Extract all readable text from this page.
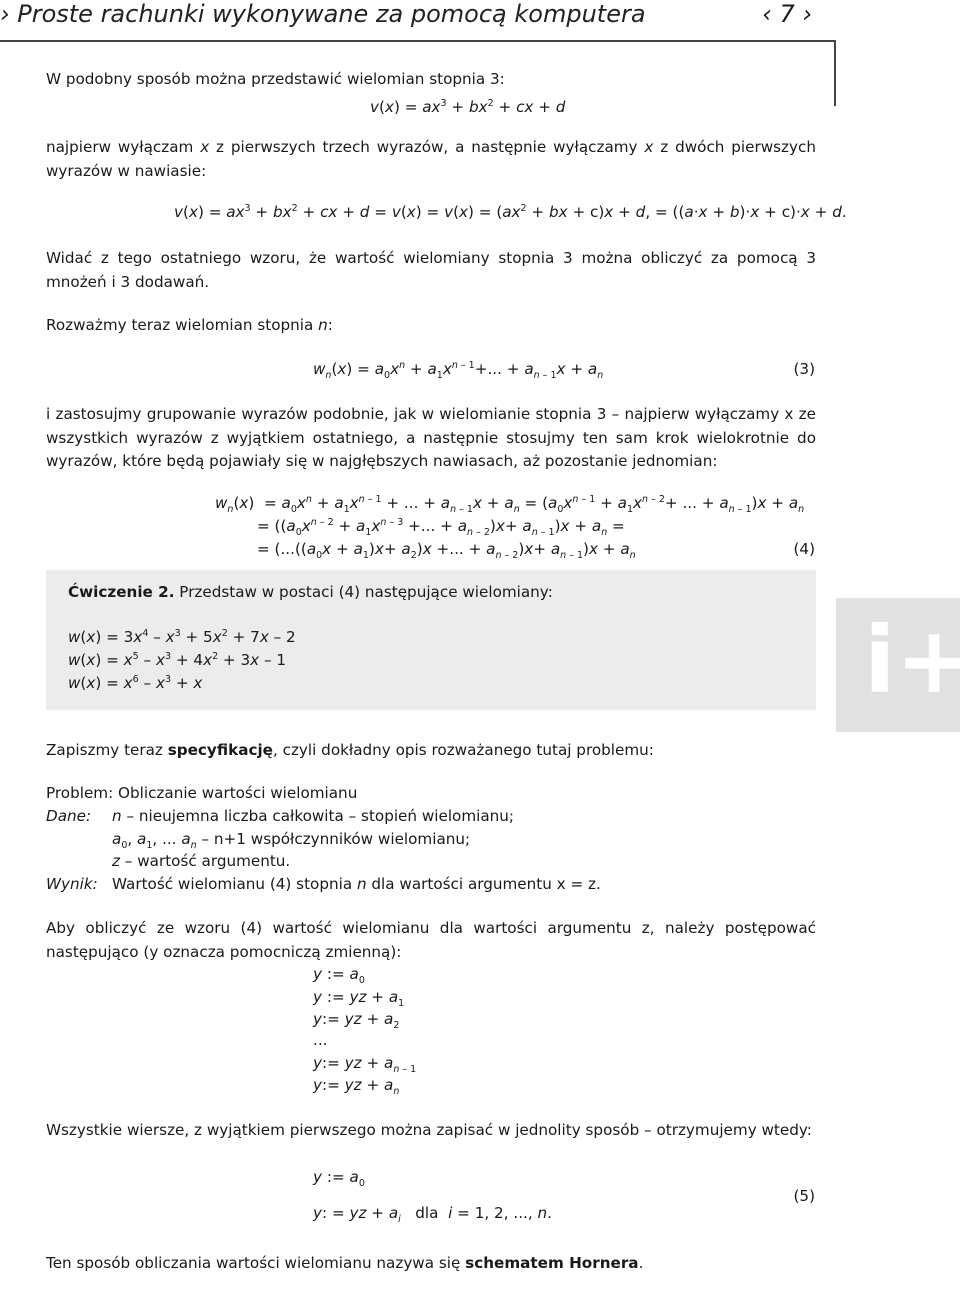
› Proste rachunki wykonywane za pomocą komputera	‹ 7 ›
W podobny sposób można przedstawić wielomian stopnia 3:
$v(x) = ax^3 + bx^2$ + cx + d
najpierw wyłączam x z pierwszych trzech wyrazów, a następnie wyłączamy x z dwóch pierwszych wyrazów w nawiasie:
$v(x) = ax^3 + bx^2$ + cx + $d = v(x) = v(x) = (ax^2$ + bx + c)x + d, = ((a·x + b)·x + c)·x + d.
Widać z tego ostatniego wzoru, że wartość wielomiany stopnia 3 można obliczyć za pomocą 3 mnożeń i 3 dodawań.
Rozważmy teraz wielomian stopnia n:
$w_n(x) = a_0x^n + a_1x^{n - 1}+$... + $a_{n - 1}x + a_n$	(3)
i zastosujmy grupowanie wyrazów podobnie, jak w wielomianie stopnia 3 – najpierw wyłączamy x ze wszystkich wyrazów z wyjątkiem ostatniego, a następnie stosujmy ten sam krok wielokrotnie do wyrazów, które będą pojawiały się w najgłębszych nawiasach, aż pozostanie jednomian:
$w_n(x) = a_0x^n + a_1x^{n - 1}$ + ... + $a_{n - 1}x + a_n = (a_0x^{n - 1} + a_1x^{n - 2}+$ ... + $a_{n - 1})x + a_n$
= (($a_0x^{n - 2} + a_1x^{n - 3}$ +... + $a_{n - 2})x+ a_{n - 1})x + a_n$ =
= ($...((a_0x + a_1)x+ a_2)x$ +... + $a_{n - 2})x+ a_{n - 1})x + a_n$	(4)
Ćwiczenie 2. Przedstaw w postaci (4) następujące wielomiany:
$w(x) = 3x^4 - x^3 + 5x^2 + 7x - 2$
$w(x) = x^5 - x^3 + 4x^2 + 3x - 1$
$w(x) = x^6 - x^3 + x$	i+
Zapiszmy teraz specyfikację, czyli dokładny opis rozważanego tutaj problemu:
Problem: Obliczanie wartości wielomianu
Dane: n – nieujemna liczba całkowita – stopień wielomianu;
$a_0$, $a_1$, ... $a_n - n+1$ współczynników wielomianu;
z – wartość argumentu.
Wynik: Wartość wielomianu (4) stopnia n dla wartości argumentu x = z.
Aby obliczyć ze wzoru (4) wartość wielomianu dla wartości argumentu z, należy postępować następująco (y oznacza pomocniczą zmienną):
y := $a_0$
y := yz + $a_1$
y:= yz + $a_2$
...
y:= yz + $a_{n - 1}$
y:= yz + $a_n$
Wszystkie wiersze, z wyjątkiem pierwszego można zapisać w jednolity sposób – otrzymujemy wtedy:
y := $a_0$
y: = yz + $a_i$ dla i = 1, 2, ..., n.
(5)
Ten sposób obliczania wartości wielomianu nazywa się schematem Hornera.
